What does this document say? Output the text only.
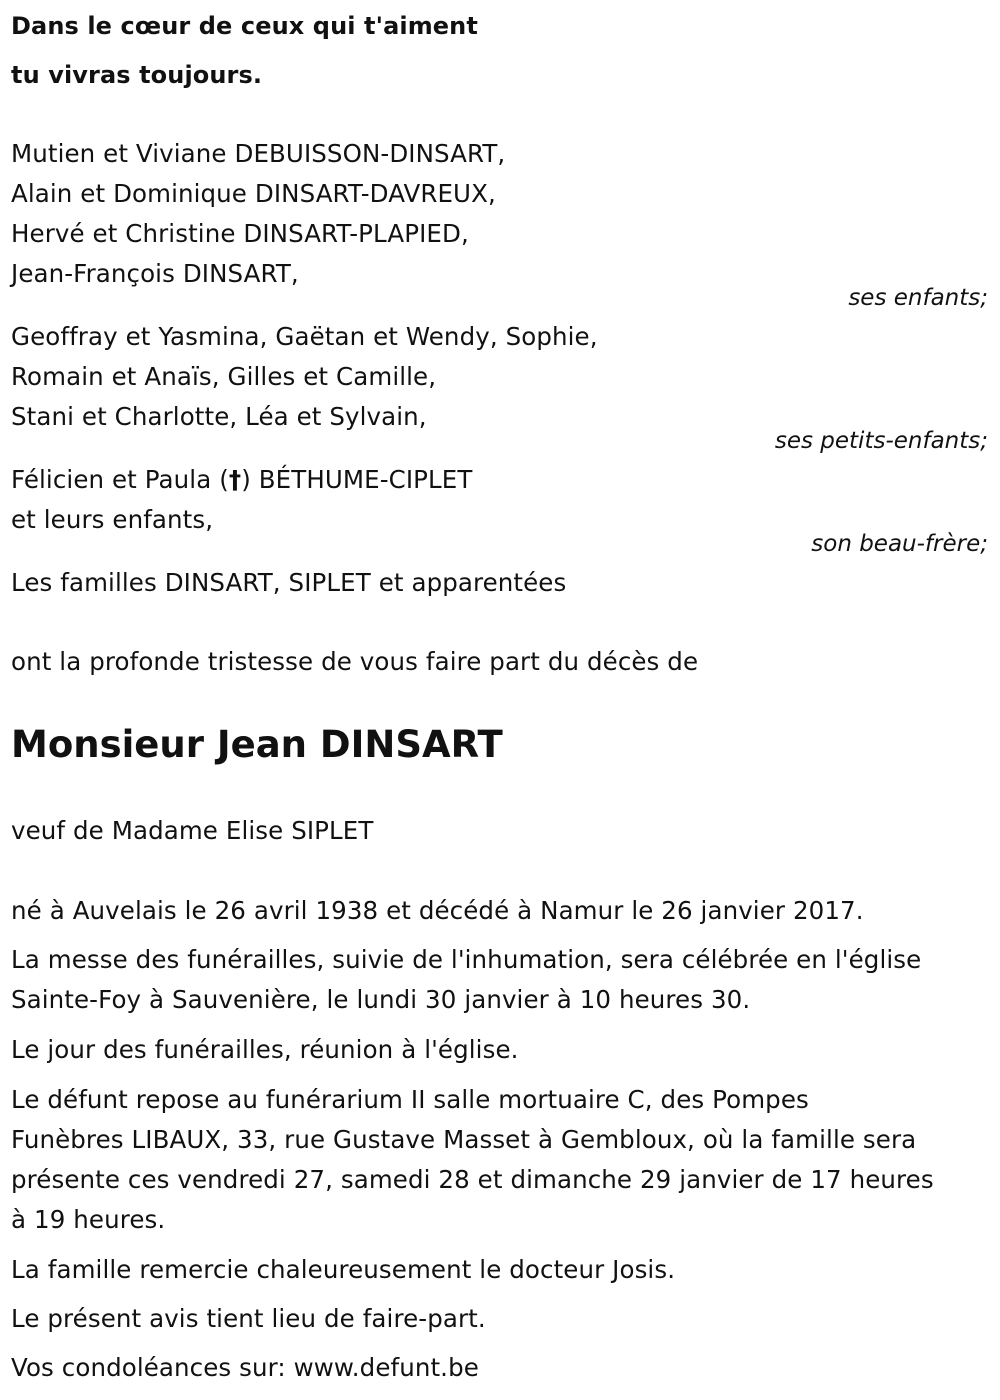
Dans le cœur de ceux qui t'aiment

tu vivras toujours.

Mutien et Viviane DEBUISSON-DINSART,

Alain et Dominique DINSART-DAVREUX,

Hervé et Christine DINSART-PLAPIED,

Jean-François DINSART,

ses enfants;

Geoffray et Yasmina, Gaëtan et Wendy, Sophie,

Romain et Anaïs, Gilles et Camille,

Stani et Charlotte, Léa et Sylvain,

ses petits-enfants;

Félicien et Paula (†) BÉTHUME-CIPLET

et leurs enfants,

son beau-frère;

Les familles DINSART, SIPLET et apparentées

ont la profonde tristesse de vous faire part du décès de

Monsieur Jean DINSART

veuf de Madame Elise SIPLET

né à Auvelais le 26 avril 1938 et décédé à Namur le 26 janvier 2017.

La messe des funérailles, suivie de l'inhumation, sera célébrée en l'église

Sainte-Foy à Sauvenière, le lundi 30 janvier à 10 heures 30.

Le jour des funérailles, réunion à l'église.

Le défunt repose au funérarium II salle mortuaire C, des Pompes

Funèbres LIBAUX, 33, rue Gustave Masset à Gembloux, où la famille sera

présente ces vendredi 27, samedi 28 et dimanche 29 janvier de 17 heures

à 19 heures.

La famille remercie chaleureusement le docteur Josis.

Le présent avis tient lieu de faire-part.

Vos condoléances sur: www.defunt.be
